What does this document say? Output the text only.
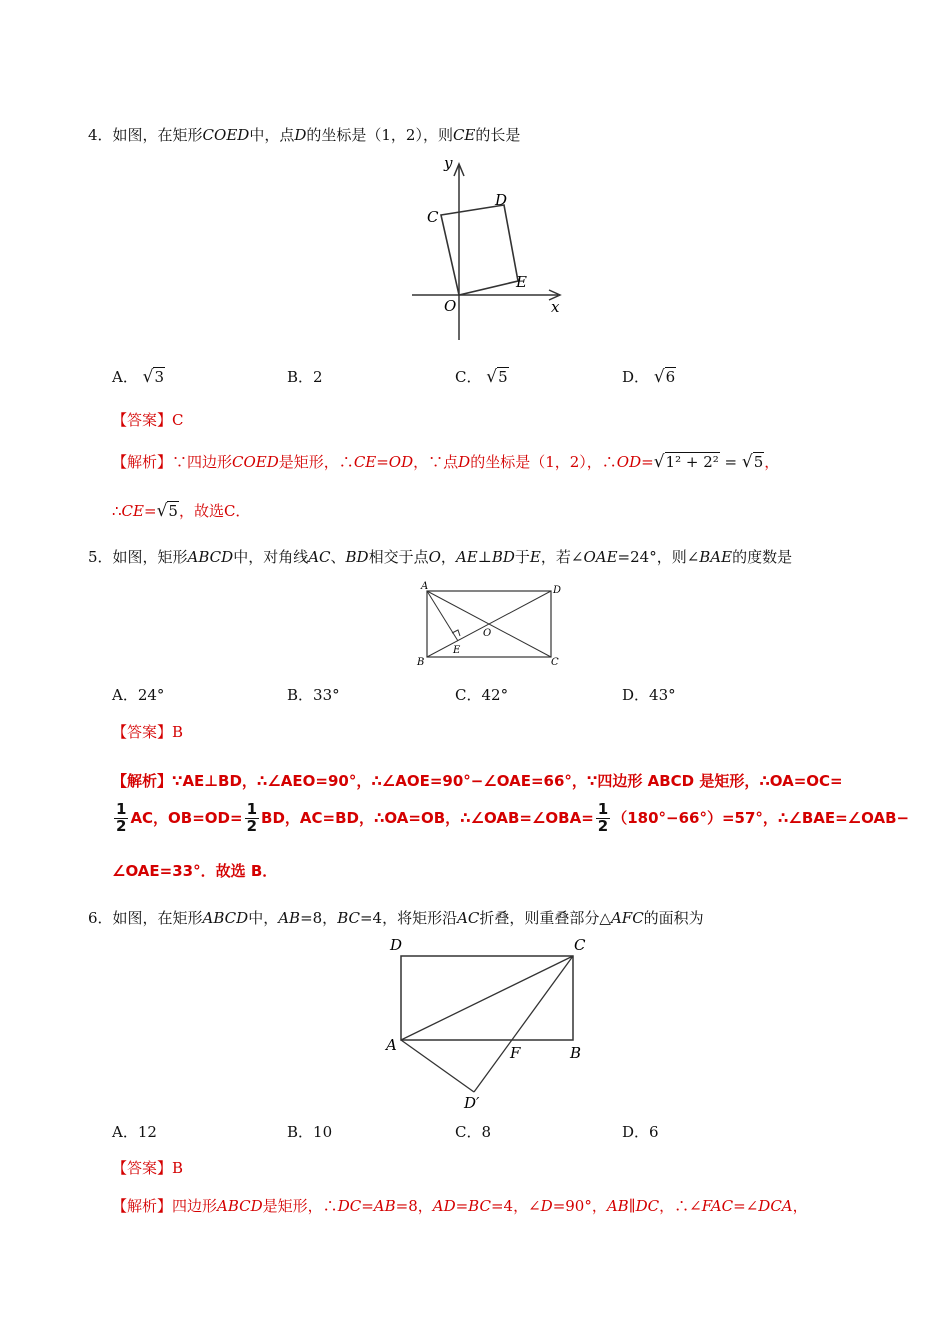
4．如图，在矩形COED中，点D的坐标是（1，2），则CE的长是
y
x
C
D
E
O
A． √3	B．2	C． √5	D． √6
【答案】C
【解析】∵四边形COED是矩形，∴CE=OD，∵点D的坐标是（1，2），∴OD=√1² + 2² = √5，
∴CE=√5，故选C．
5．如图，矩形ABCD中，对角线AC、BD相交于点O，AE⊥BD于E，若∠OAE=24°，则∠BAE的度数是
A
B	C
D
O
E
A．24°	B．33°	C．42°	D．43°
【答案】B
【解析】∵AE⊥BD，∴∠AEO=90°，∴∠AOE=90°−∠OAE=66°，∵四边形 ABCD 是矩形，∴OA=OC=
$\frac{1}{2}$ AC，$OB=OD= \frac{1}{2}$ BD，AC=BD，∴OA=OB，∴∠OAB=∠OBA= $\frac{1}{2} (180^\circ-66^\circ)=57^\circ$，∴∠BAE=∠OAB−
∠OAE=33°．故选 B．
6．如图，在矩形ABCD中，AB=8，BC=4，将矩形沿AC折叠，则重叠部分△AFC的面积为
D	C
A	B
F
D′
A．12	B．10	C．8	D．6
【答案】B
【解析】四边形ABCD是矩形，∴DC=AB=8，AD=BC=4，∠D=90°，AB∥DC，∴∠FAC=∠DCA，
